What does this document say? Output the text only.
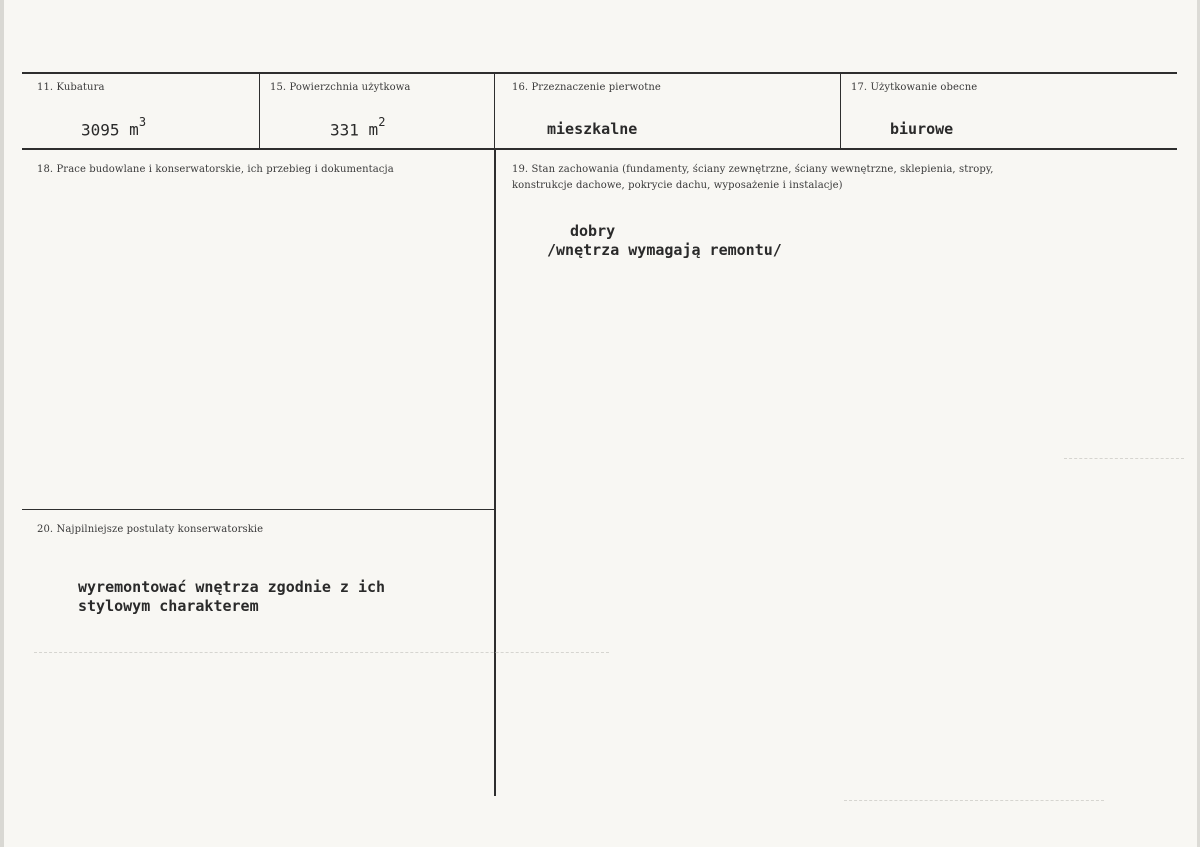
11. Kubatura
3095 $m^3$
15. Powierzchnia użytkowa
331 $m^2$
16. Przeznaczenie pierwotne
mieszkalne
17. Użytkowanie obecne
biurowe
18. Prace budowlane i konserwatorskie, ich przebieg i dokumentacja	19. Stan zachowania (fundamenty, ściany zewnętrzne, ściany wewnętrzne, sklepienia, stropy,
konstrukcje dachowe, pokrycie dachu, wyposażenie i instalacje)
dobry
/wnętrza wymagają remontu/
20. Najpilniejsze postulaty konserwatorskie
wyremontować wnętrza zgodnie z ich
stylowym charakterem
